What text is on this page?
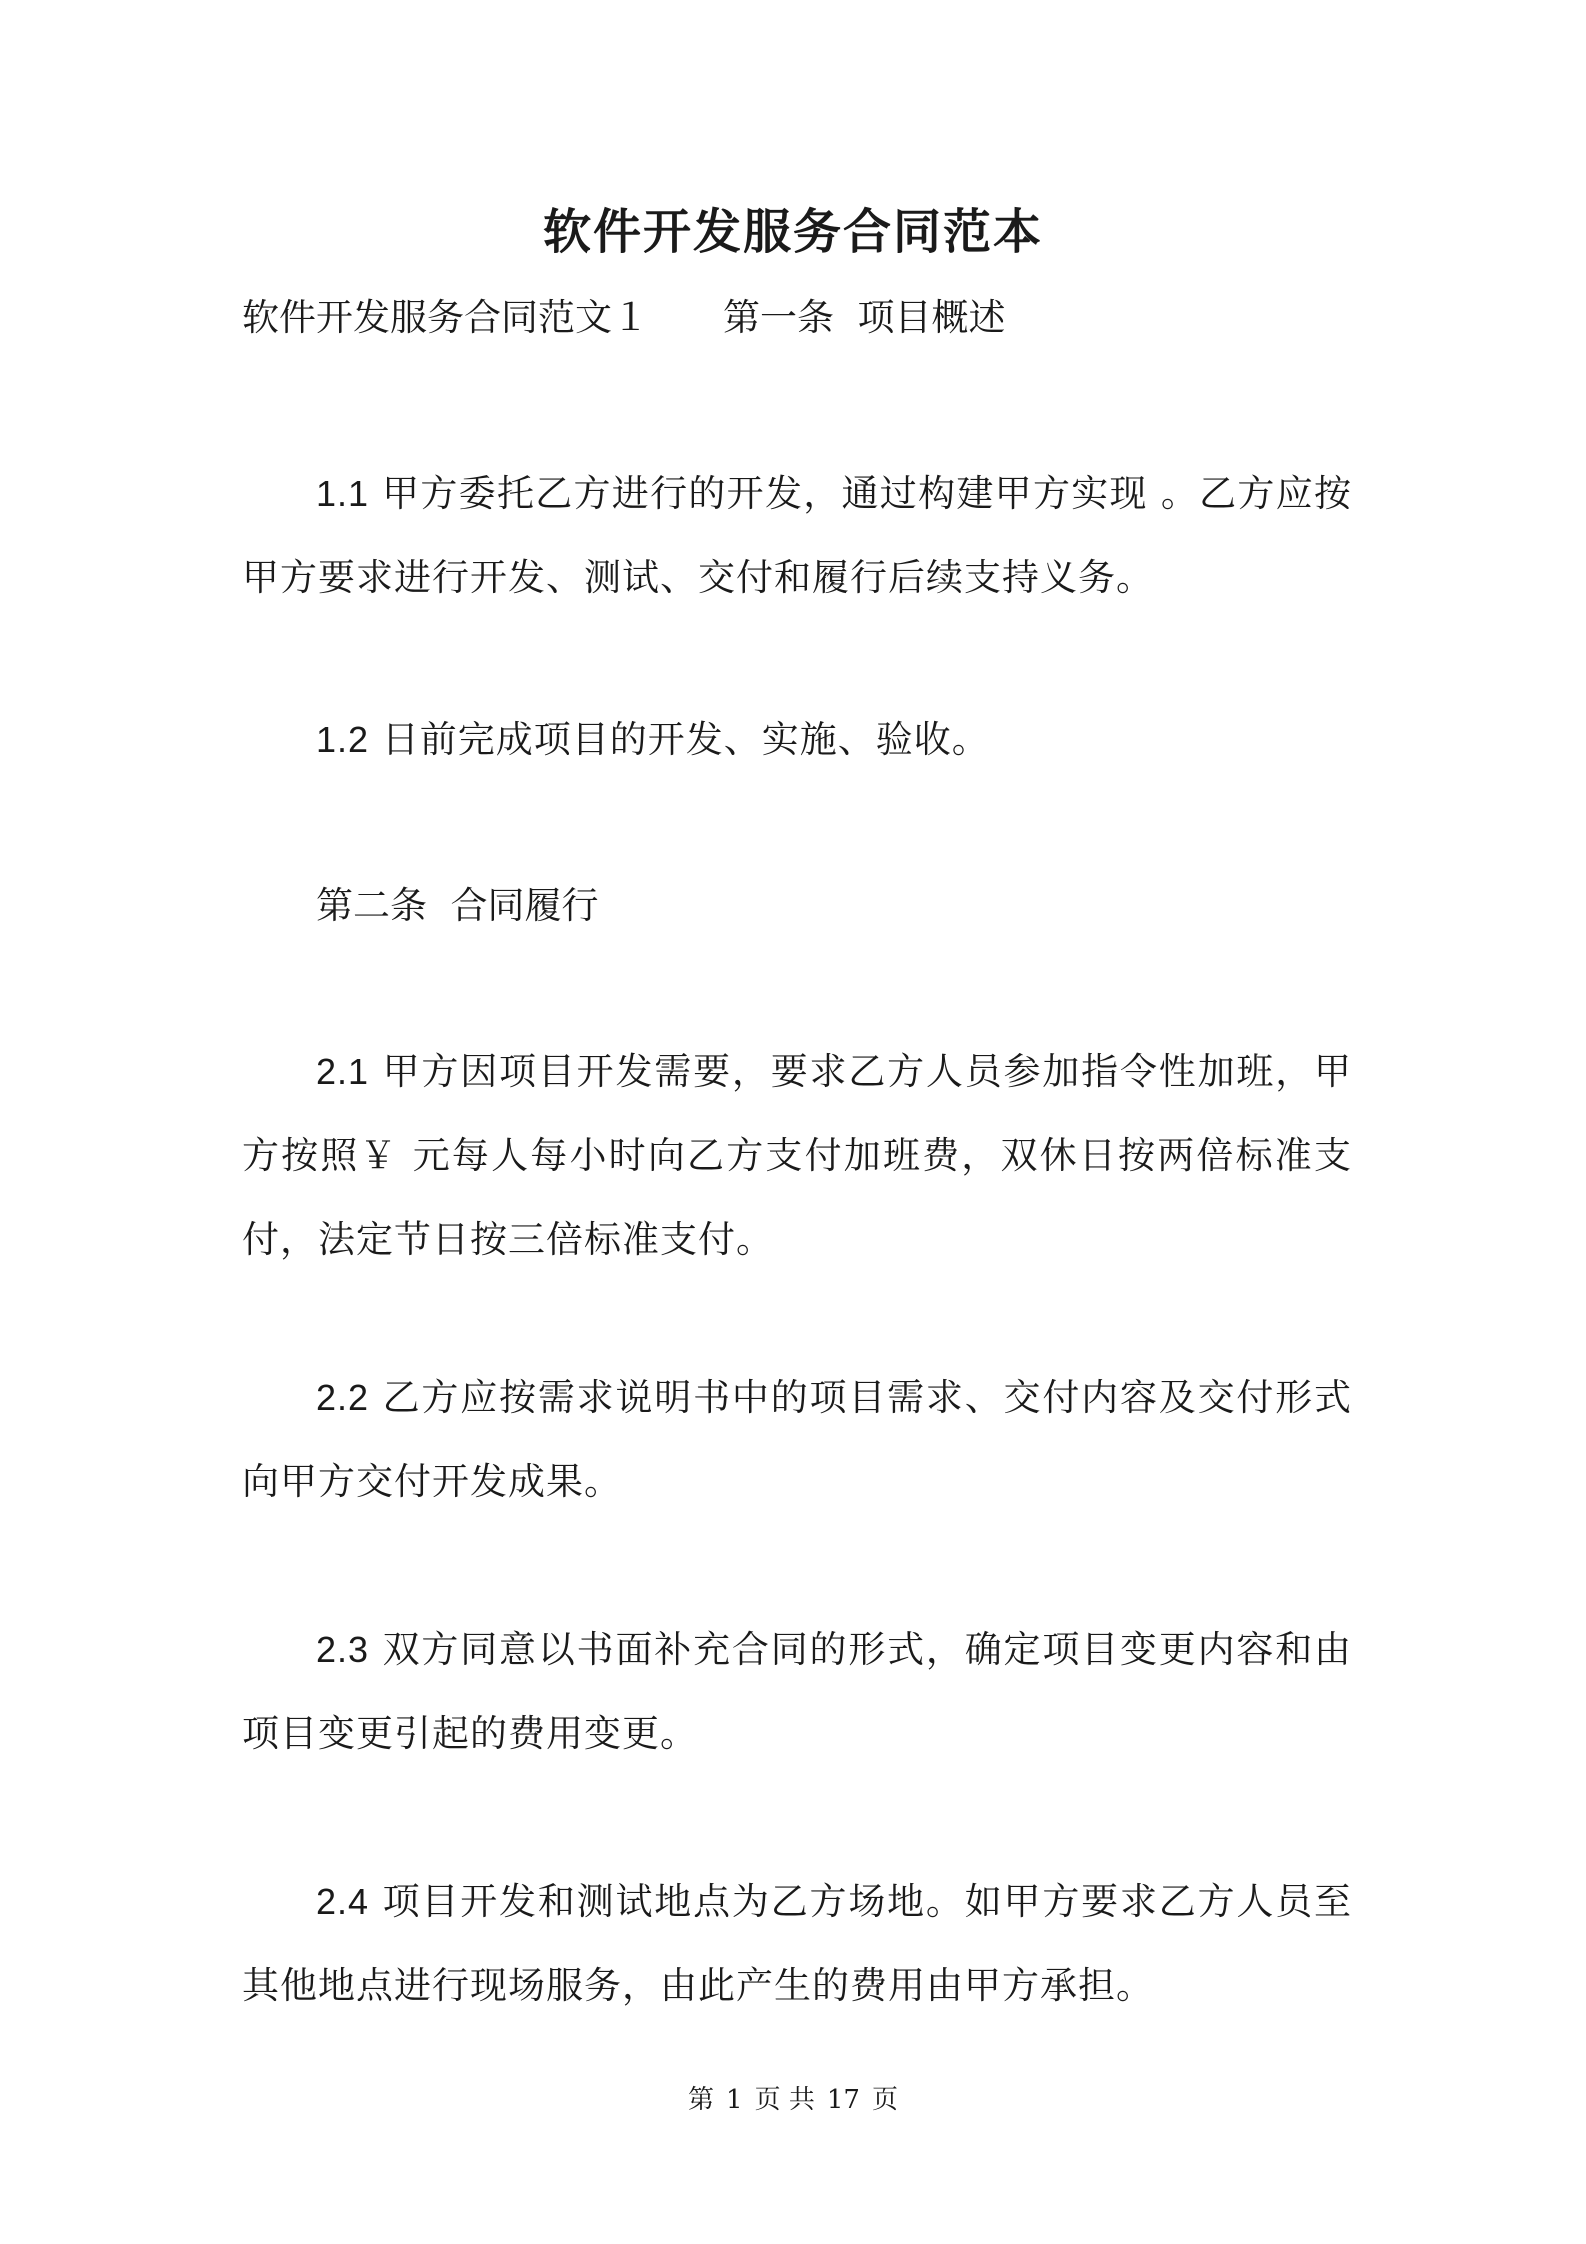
软件开发服务合同范本
软件开发服务合同范文１　　第一条  项目概述
1.1 甲方委托乙方进行的开发，通过构建甲方实现 。乙方应按甲方要求进行开发、测试、交付和履行后续支持义务。
1.2 日前完成项目的开发、实施、验收。
第二条  合同履行
2.1 甲方因项目开发需要，要求乙方人员参加指令性加班，甲方按照￥ 元每人每小时向乙方支付加班费，双休日按两倍标准支付，法定节日按三倍标准支付。
2.2 乙方应按需求说明书中的项目需求、交付内容及交付形式向甲方交付开发成果。
2.3 双方同意以书面补充合同的形式，确定项目变更内容和由项目变更引起的费用变更。
2.4 项目开发和测试地点为乙方场地。如甲方要求乙方人员至其他地点进行现场服务，由此产生的费用由甲方承担。
第 1 页 共 17 页
